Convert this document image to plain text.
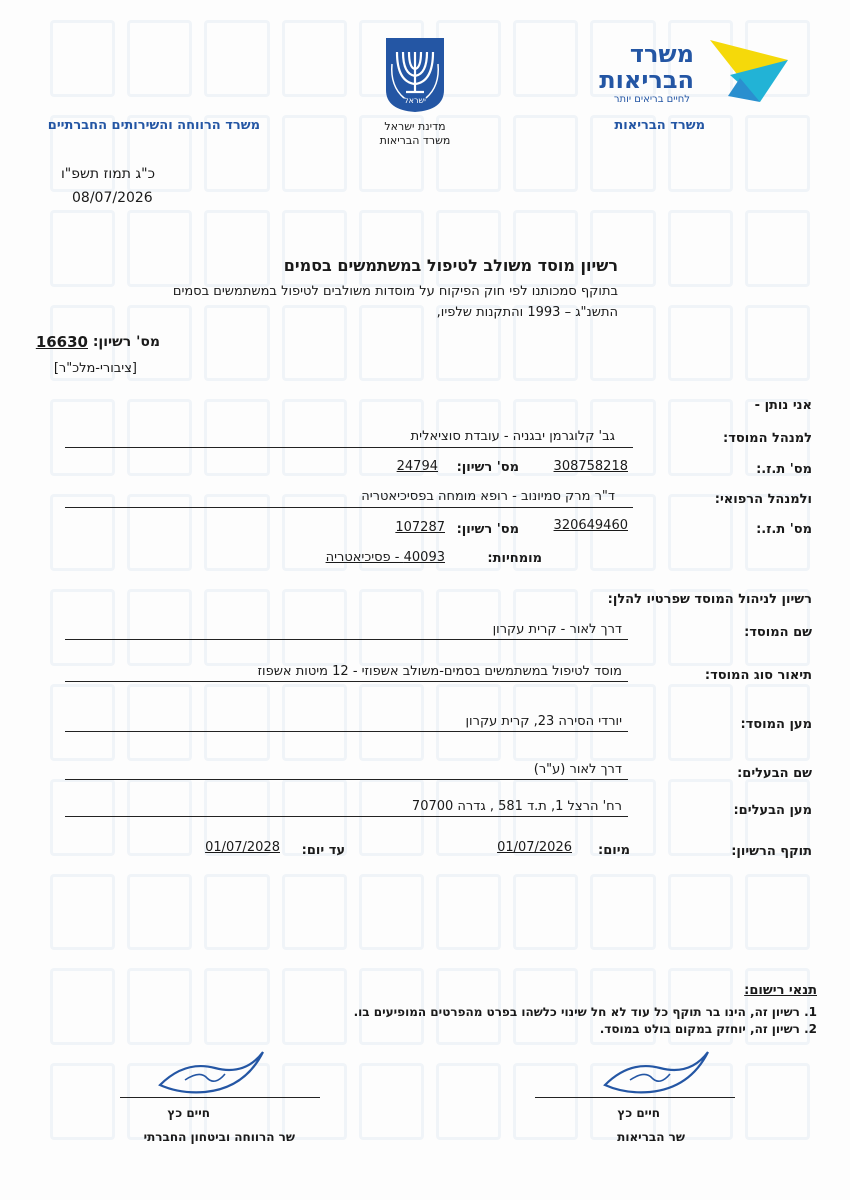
משרד
הבריאות
לחיים בריאים יותר
משרד הבריאות
ישראל
מדינת ישראל
משרד הבריאות
משרד הרווחה והשירותים החברתיים
כ"ג תמוז תשפ"ו
08/07/2026
רשיון מוסד משולב לטיפול במשתמשים בסמים
בתוקף סמכותנו לפי חוק הפיקוח על מוסדות משולבים לטיפול במשתמשים בסמים
התשנ"ג – 1993 והתקנות שלפיו,
מס' רשיון:
16630
[ציבורי-מלכ"ר]
אני נותן -
למנהל המוסד:
גב' קלוגרמן יבגניה - עובדת סוציאלית
מס' ת.ז.:
308758218
מס' רשיון:
24794
ולמנהל הרפואי:
ד"ר מרק סמיונוב - רופא מומחה בפסיכיאטריה
מס' ת.ז.:
320649460
מס' רשיון:
107287
מומחיות:
40093 - פסיכיאטריה
רשיון לניהול המוסד שפרטיו להלן:
שם המוסד:
דרך לאור - קרית עקרון
תיאור סוג המוסד:
מוסד לטיפול במשתמשים בסמים-משולב אשפוזי - 12 מיטות אשפוז
מען המוסד:
יורדי הסירה 23, קרית עקרון
שם הבעלים:
דרך לאור (ע"ר)
מען הבעלים:
רח' הרצל 1, ת.ד 581 , גדרה 70700
תוקף הרשיון:
מיום:
01/07/2026
עד יום:
01/07/2028
תנאי רישום:
1. רשיון זה, הינו בר תוקף כל עוד לא חל שינוי כלשהו בפרט מהפרטים המופיעים בו.
2. רשיון זה, יוחזק במקום בולט במוסד.
חיים כץ
שר הבריאות
חיים כץ
שר הרווחה וביטחון החברתי
